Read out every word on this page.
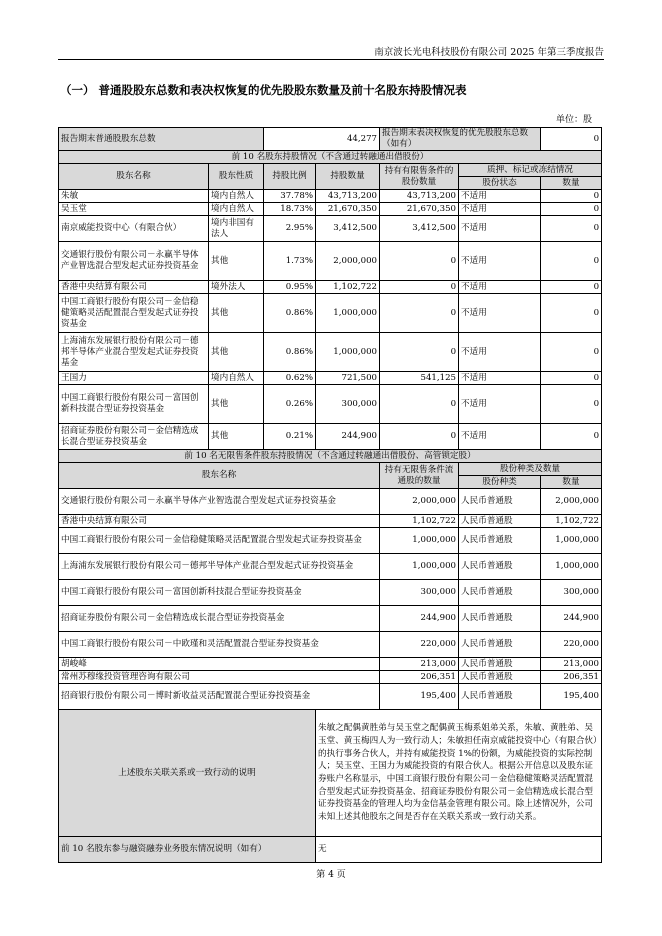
南京波长光电科技股份有限公司 2025 年第三季度报告
（一） 普通股股东总数和表决权恢复的优先股股东数量及前十名股东持股情况表
单位：股
报告期末普通股股东总数		44,277		报告期末表决权恢复的优先股股东总数（如有）		0
前 10 名股东持股情况（不含通过转融通出借股份）						
股东名称	股东性质	持股比例	持股数量	持有有限售条件的股份数量	质押、标记或冻结情况	
					股份状态	数量
朱敏	境内自然人	37.78%	43,713,200	43,713,200	不适用	0
吴玉堂	境内自然人	18.73%	21,670,350	21,670,350	不适用	0
南京威能投资中心（有限合伙）	境内非国有法人	2.95%	3,412,500	3,412,500	不适用	0
交通银行股份有限公司－永赢半导体产业智选混合型发起式证券投资基金	其他	1.73%	2,000,000	0	不适用	0
香港中央结算有限公司	境外法人	0.95%	1,102,722	0	不适用	0
中国工商银行股份有限公司－金信稳健策略灵活配置混合型发起式证券投资基金	其他	0.86%	1,000,000	0	不适用	0
上海浦东发展银行股份有限公司－德邦半导体产业混合型发起式证券投资基金	其他	0.86%	1,000,000	0	不适用	0
王国力	境内自然人	0.62%	721,500	541,125	不适用	0
中国工商银行股份有限公司－富国创新科技混合型证券投资基金	其他	0.26%	300,000	0	不适用	0
招商证券股份有限公司－金信精选成长混合型证券投资基金	其他	0.21%	244,900	0	不适用	0
前 10 名无限售条件股东持股情况（不含通过转融通出借股份、高管锁定股）						
股东名称				持有无限售条件流通股的数量	股份种类及数量	
					股份种类	数量
交通银行股份有限公司－永赢半导体产业智选混合型发起式证券投资基金				2,000,000	人民币普通股	2,000,000
香港中央结算有限公司				1,102,722	人民币普通股	1,102,722
中国工商银行股份有限公司－金信稳健策略灵活配置混合型发起式证券投资基金				1,000,000	人民币普通股	1,000,000
上海浦东发展银行股份有限公司－德邦半导体产业混合型发起式证券投资基金				1,000,000	人民币普通股	1,000,000
中国工商银行股份有限公司－富国创新科技混合型证券投资基金				300,000	人民币普通股	300,000
招商证券股份有限公司－金信精选成长混合型证券投资基金				244,900	人民币普通股	244,900
中国工商银行股份有限公司－中欧瑾和灵活配置混合型证券投资基金				220,000	人民币普通股	220,000
胡峻峰				213,000	人民币普通股	213,000
常州苏穆缘投资管理咨询有限公司				206,351	人民币普通股	206,351
招商银行股份有限公司－博时新收益灵活配置混合型证券投资基金				195,400	人民币普通股	195,400
上述股东关联关系或一致行动的说明			朱敏之配偶黄胜弟与吴玉堂之配偶黄玉梅系姐弟关系，朱敏、黄胜弟、吴玉堂、黄玉梅四人为一致行动人；朱敏担任南京威能投资中心（有限合伙）的执行事务合伙人，并持有威能投资 1%的份额，为威能投资的实际控制人；吴玉堂、王国力为威能投资的有限合伙人。根据公开信息以及股东证券账户名称显示，中国工商银行股份有限公司－金信稳健策略灵活配置混合型发起式证券投资基金、招商证券股份有限公司－金信精选成长混合型证券投资基金的管理人均为金信基金管理有限公司。除上述情况外，公司未知上述其他股东之间是否存在关联关系或一致行动关系。			
前 10 名股东参与融资融券业务股东情况说明（如有）			无			
第 4 页
